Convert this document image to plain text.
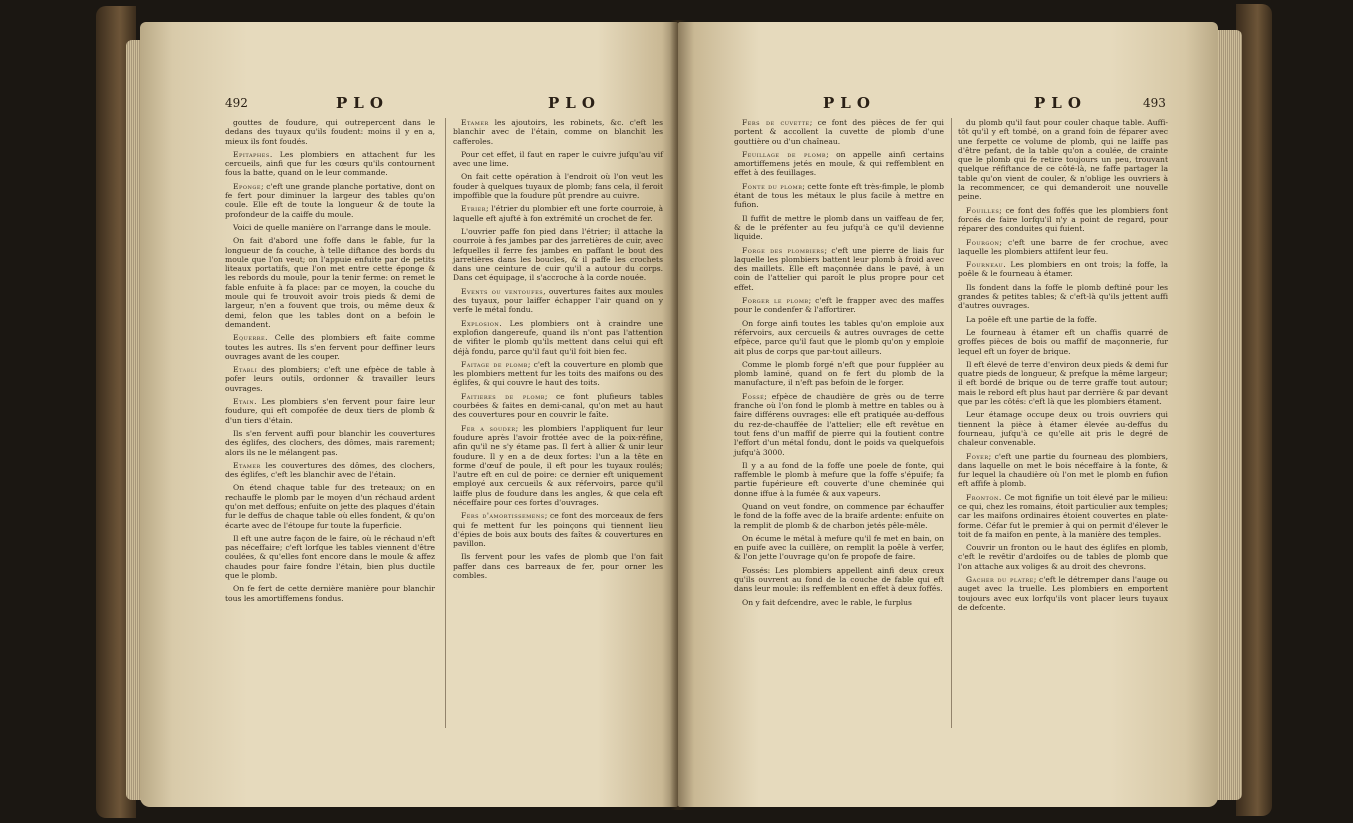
492	PLO	PLO

gouttes de foudure, qui outrepercent dans le dedans des tuyaux qu'ils foudent: moins il y en a, mieux ils font foudés.

Epitaphes. Les plombiers en attachent fur les cercueils, ainfi que fur les cœurs qu'ils contournent fous la batte, quand on le leur commande.

Eponge; c'eft une grande planche portative, dont on fe fert pour diminuer la largeur des tables qu'on coule. Elle eft de toute la longueur & de toute la profondeur de la caiffe du moule.

Voici de quelle manière on l'arrange dans le moule.

On fait d'abord une foffe dans le fable, fur la longueur de fa couche, à telle diftance des bords du moule que l'on veut; on l'appuie enfuite par de petits liteaux portatifs, que l'on met entre cette éponge & les rebords du moule, pour la tenir ferme: on remet le fable enfuite à fa place: par ce moyen, la couche du moule qui fe trouvoit avoir trois pieds & demi de largeur, n'en a fouvent que trois, ou même deux & demi, felon que les tables dont on a befoin le demandent.

Equerre. Celle des plombiers eft faite comme toutes les autres. Ils s'en fervent pour deffiner leurs ouvrages avant de les couper.

Etabli des plombiers; c'eft une efpèce de table à pofer leurs outils, ordonner & travailler leurs ouvrages.

Etain. Les plombiers s'en fervent pour faire leur foudure, qui eft compofée de deux tiers de plomb & d'un tiers d'étain.

Ils s'en fervent auffi pour blanchir les couvertures des églifes, des clochers, des dômes, mais rarement; alors ils ne le mélangent pas.

Etamer les couvertures des dômes, des clochers, des églifes, c'eft les blanchir avec de l'étain.

On étend chaque table fur des treteaux; on en rechauffe le plomb par le moyen d'un réchaud ardent qu'on met deffous; enfuite on jette des plaques d'étain fur le deffus de chaque table où elles fondent, & qu'on écarte avec de l'étoupe fur toute la fuperficie.

Il eft une autre façon de le faire, où le réchaud n'eft pas néceffaire; c'eft lorfque les tables viennent d'être coulées, & qu'elles font encore dans le moule & affez chaudes pour faire fondre l'étain, bien plus ductile que le plomb.

On fe fert de cette dernière manière pour blanchir tous les amortiffemens fondus.

Etamer les ajoutoirs, les robinets, &c. c'eft les blanchir avec de l'étain, comme on blanchit les cafferoles.

Pour cet effet, il faut en raper le cuivre jufqu'au vif avec une lime.

On fait cette opération à l'endroit où l'on veut les fouder à quelques tuyaux de plomb; fans cela, il feroit impoffible que la foudure pût prendre au cuivre.

Etrier; l'étrier du plombier eft une forte courroie, à laquelle eft ajufté à fon extrémité un crochet de fer.

L'ouvrier paffe fon pied dans l'étrier; il attache la courroie à fes jambes par des jarretières de cuir, avec lefquelles il ferre fes jambes en paffant le bout des jarretières dans les boucles, & il paffe les crochets dans une ceinture de cuir qu'il a autour du corps. Dans cet équipage, il s'accroche à la corde nouée.

Events ou ventoufes, ouvertures faites aux moules des tuyaux, pour laiffer échapper l'air quand on y verfe le métal fondu.

Explosion. Les plombiers ont à craindre une explofion dangereufe, quand ils n'ont pas l'attention de vifiter le plomb qu'ils mettent dans celui qui eft déjà fondu, parce qu'il faut qu'il foit bien fec.

Faitage de plomb; c'eft la couverture en plomb que les plombiers mettent fur les toits des maifons ou des églifes, & qui couvre le haut des toits.

Faitieres de plomb; ce font plufieurs tables courbées & faites en demi-canal, qu'on met au haut des couvertures pour en couvrir le faîte.

Fer a souder; les plombiers l'appliquent fur leur foudure après l'avoir frottée avec de la poix-réfine, afin qu'il ne s'y étame pas. Il fert à allier & unir leur foudure. Il y en a de deux fortes: l'un a la tête en forme d'œuf de poule, il eft pour les tuyaux roulés; l'autre eft en cul de poire: ce dernier eft uniquement employé aux cercueils & aux réfervoirs, parce qu'il laiffe plus de foudure dans les angles, & que cela eft néceffaire pour ces fortes d'ouvrages.

Fers d'amortissemens; ce font des morceaux de fers qui fe mettent fur les poinçons qui tiennent lieu d'épies de bois aux bouts des faîtes & couvertures en pavillon.

Ils fervent pour les vafes de plomb que l'on fait paffer dans ces barreaux de fer, pour orner les combles.

PLO	PLO	493

Fers de cuvette; ce font des pièces de fer qui portent & accollent la cuvette de plomb d'une gouttière ou d'un chaîneau.

Feuillage de plomb; on appelle ainfi certains amortiffemens jetés en moule, & qui reffemblent en effet à des feuillages.

Fonte du plomb; cette fonte eft très-fimple, le plomb étant de tous les métaux le plus facile à mettre en fufion.

Il fuffit de mettre le plomb dans un vaiffeau de fer, & de le préfenter au feu jufqu'à ce qu'il devienne liquide.

Forge des plombiers; c'eft une pierre de liais fur laquelle les plombiers battent leur plomb à froid avec des maillets. Elle eft maçonnée dans le pavé, à un coin de l'attelier qui paroît le plus propre pour cet effet.

Forger le plomb; c'eft le frapper avec des maffes pour le condenfer & l'affortirer.

On forge ainfi toutes les tables qu'on emploie aux réfervoirs, aux cercueils & autres ouvrages de cette efpèce, parce qu'il faut que le plomb qu'on y emploie ait plus de corps que par-tout ailleurs.

Comme le plomb forgé n'eft que pour fuppléer au plomb laminé, quand on fe fert du plomb de la manufacture, il n'eft pas befoin de le forger.

Fossé; efpèce de chaudière de grès ou de terre franche où l'on fond le plomb à mettre en tables ou à faire différens ouvrages: elle eft pratiquée au-deffous du rez-de-chauffée de l'attelier; elle eft revêtue en tout fens d'un maffif de pierre qui la foutient contre l'effort d'un métal fondu, dont le poids va quelquefois jufqu'à 3000.

Il y a au fond de la foffe une poele de fonte, qui raffemble le plomb à mefure que la foffe s'épuife; fa partie fupérieure eft couverte d'une cheminée qui donne iffue à la fumée & aux vapeurs.

Quand on veut fondre, on commence par échauffer le fond de la foffe avec de la braife ardente: enfuite on la remplit de plomb & de charbon jetés pêle-mêle.

On écume le métal à mefure qu'il fe met en bain, on en puife avec la cuillère, on remplit la poêle à verfer, & l'on jette l'ouvrage qu'on fe propofe de faire.

Fossés: Les plombiers appellent ainfi deux creux qu'ils ouvrent au fond de la couche de fable qui eft dans leur moule: ils reffemblent en effet à deux foffés.

On y fait defcendre, avec le rable, le furplus

du plomb qu'il faut pour couler chaque table. Auffi-tôt qu'il y eft tombé, on a grand foin de féparer avec une ferpette ce volume de plomb, qui ne laiffe pas d'être pefant, de la table qu'on a coulée, de crainte que le plomb qui fe retire toujours un peu, trouvant quelque réfiftance de ce côté-là, ne faffe partager la table qu'on vient de couler, & n'oblige les ouvriers à la recommencer, ce qui demanderoit une nouvelle peine.

Fouilles; ce font des foffés que les plombiers font forcés de faire lorfqu'il n'y a point de regard, pour réparer des conduites qui fuient.

Fourgon; c'eft une barre de fer crochue, avec laquelle les plombiers attifent leur feu.

Fourneau. Les plombiers en ont trois; la foffe, la poêle & le fourneau à étamer.

Ils fondent dans la foffe le plomb deftiné pour les grandes & petites tables; & c'eft-là qu'ils jettent auffi d'autres ouvrages.

La poêle eft une partie de la foffe.

Le fourneau à étamer eft un chaffis quarré de groffes pièces de bois ou maffif de maçonnerie, fur lequel eft un foyer de brique.

Il eft élevé de terre d'environ deux pieds & demi fur quatre pieds de longueur, & prefque la même largeur; il eft bordé de brique ou de terre graffe tout autour; mais le rebord eft plus haut par derrière & par devant que par les côtés: c'eft là que les plombiers étament.

Leur étamage occupe deux ou trois ouvriers qui tiennent la pièce à étamer élevée au-deffus du fourneau, jufqu'à ce qu'elle ait pris le degré de chaleur convenable.

Foyer; c'eft une partie du fourneau des plombiers, dans laquelle on met le bois néceffaire à la fonte, & fur lequel la chaudière où l'on met le plomb en fufion eft affife à plomb.

Fronton. Ce mot fignifie un toit élevé par le milieu: ce qui, chez les romains, étoit particulier aux temples; car les maifons ordinaires étoient couvertes en plate-forme. Céfar fut le premier à qui on permit d'élever le toit de fa maifon en pente, à la manière des temples.

Couvrir un fronton ou le haut des églifes en plomb, c'eft le revêtir d'ardoifes ou de tables de plomb que l'on attache aux voliges & au droit des chevrons.

Gacher du platre; c'eft le détremper dans l'auge ou auget avec la truelle. Les plombiers en emportent toujours avec eux lorfqu'ils vont placer leurs tuyaux de defcente.
